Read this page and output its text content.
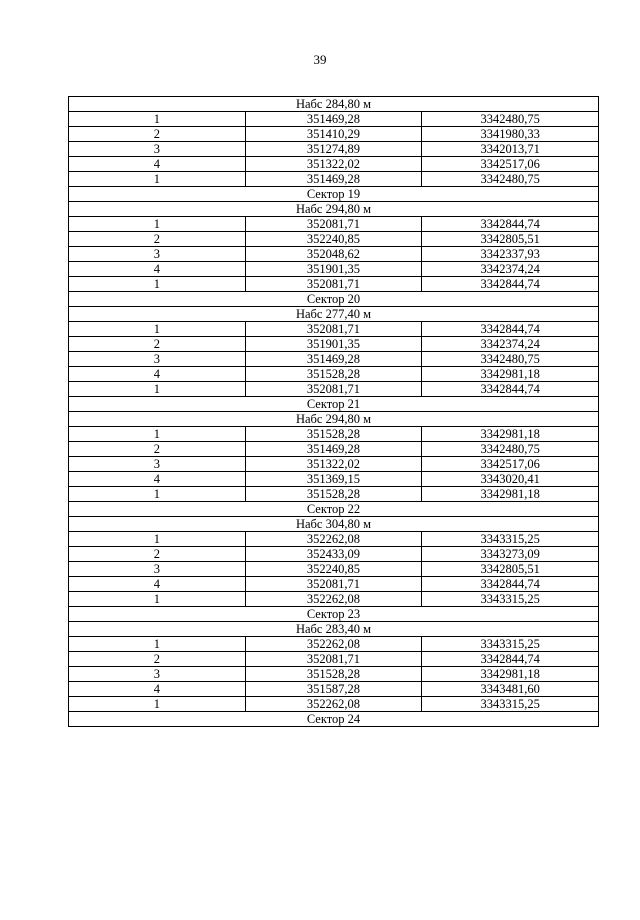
39
Набс 284,80 м		
1	351469,28	3342480,75
2	351410,29	3341980,33
3	351274,89	3342013,71
4	351322,02	3342517,06
1	351469,28	3342480,75
Сектор 19		
Набс 294,80 м		
1	352081,71	3342844,74
2	352240,85	3342805,51
3	352048,62	3342337,93
4	351901,35	3342374,24
1	352081,71	3342844,74
Сектор 20		
Набс 277,40 м		
1	352081,71	3342844,74
2	351901,35	3342374,24
3	351469,28	3342480,75
4	351528,28	3342981,18
1	352081,71	3342844,74
Сектор 21		
Набс 294,80 м		
1	351528,28	3342981,18
2	351469,28	3342480,75
3	351322,02	3342517,06
4	351369,15	3343020,41
1	351528,28	3342981,18
Сектор 22		
Набс 304,80 м		
1	352262,08	3343315,25
2	352433,09	3343273,09
3	352240,85	3342805,51
4	352081,71	3342844,74
1	352262,08	3343315,25
Сектор 23		
Набс 283,40 м		
1	352262,08	3343315,25
2	352081,71	3342844,74
3	351528,28	3342981,18
4	351587,28	3343481,60
1	352262,08	3343315,25
Сектор 24		
